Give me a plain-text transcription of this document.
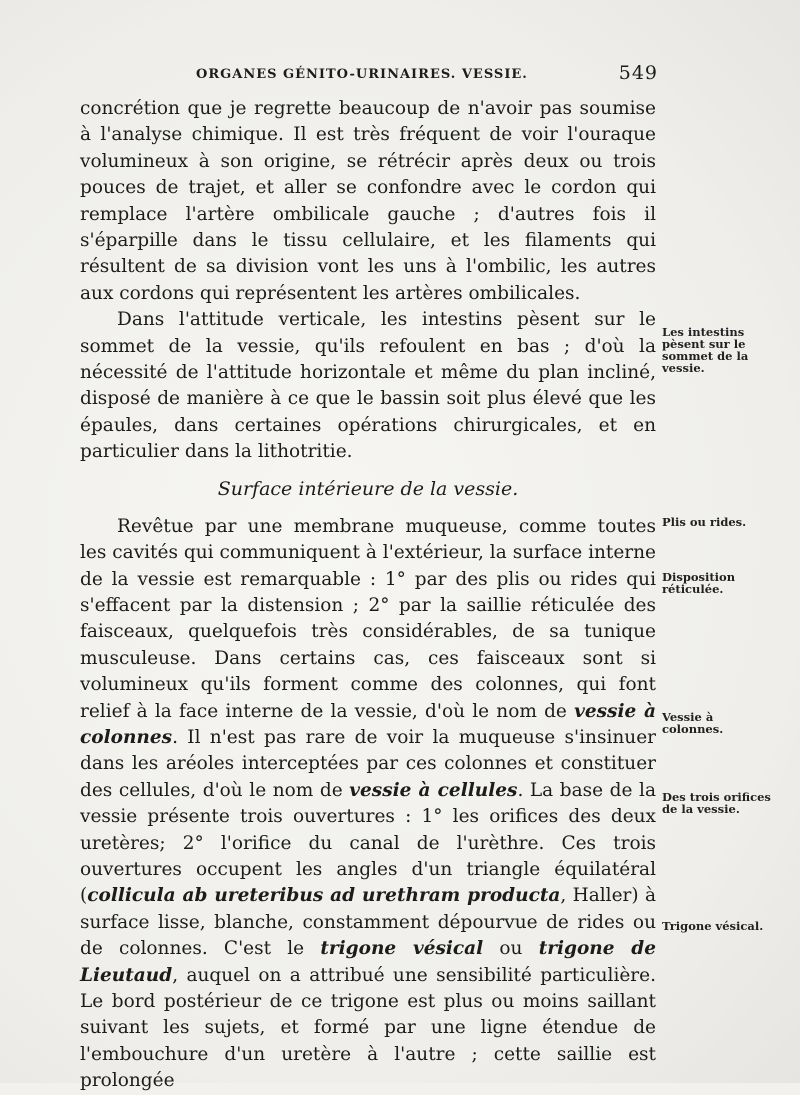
ORGANES GÉNITO-URINAIRES. VESSIE.	549

concrétion que je regrette beaucoup de n'avoir pas soumise à l'analyse chimique. Il est très fréquent de voir l'ouraque volumineux à son origine, se rétrécir après deux ou trois pouces de trajet, et aller se confondre avec le cordon qui remplace l'artère ombilicale gauche ; d'autres fois il s'éparpille dans le tissu cellulaire, et les filaments qui résultent de sa division vont les uns à l'ombilic, les autres aux cordons qui représentent les artères ombilicales.

Dans l'attitude verticale, les intestins pèsent sur le sommet de la vessie, qu'ils refoulent en bas ; d'où la nécessité de l'attitude horizontale et même du plan incliné, disposé de manière à ce que le bassin soit plus élevé que les épaules, dans certaines opérations chirurgicales, et en particulier dans la lithotritie.

Surface intérieure de la vessie.

Revêtue par une membrane muqueuse, comme toutes les cavités qui communiquent à l'extérieur, la surface interne de la vessie est remarquable : 1° par des plis ou rides qui s'effacent par la distension ; 2° par la saillie réticulée des faisceaux, quelquefois très considérables, de sa tunique musculeuse. Dans certains cas, ces faisceaux sont si volumineux qu'ils forment comme des colonnes, qui font relief à la face interne de la vessie, d'où le nom de vessie à colonnes. Il n'est pas rare de voir la muqueuse s'insinuer dans les aréoles interceptées par ces colonnes et constituer des cellules, d'où le nom de vessie à cellules. La base de la vessie présente trois ouvertures : 1° les orifices des deux uretères; 2° l'orifice du canal de l'urèthre. Ces trois ouvertures occupent les angles d'un triangle équilatéral (collicula ab ureteribus ad urethram producta, Haller) à surface lisse, blanche, constamment dépourvue de rides ou de colonnes. C'est le trigone vésical ou trigone de Lieutaud, auquel on a attribué une sensibilité particulière. Le bord postérieur de ce trigone est plus ou moins saillant suivant les sujets, et formé par une ligne étendue de l'embouchure d'un uretère à l'autre ; cette saillie est prolongée

Les intestins pèsent sur le sommet de la vessie.
Plis ou rides.
Disposition réticulée.
Vessie à colonnes.
Des trois orifices de la vessie.
Trigone vésical.
